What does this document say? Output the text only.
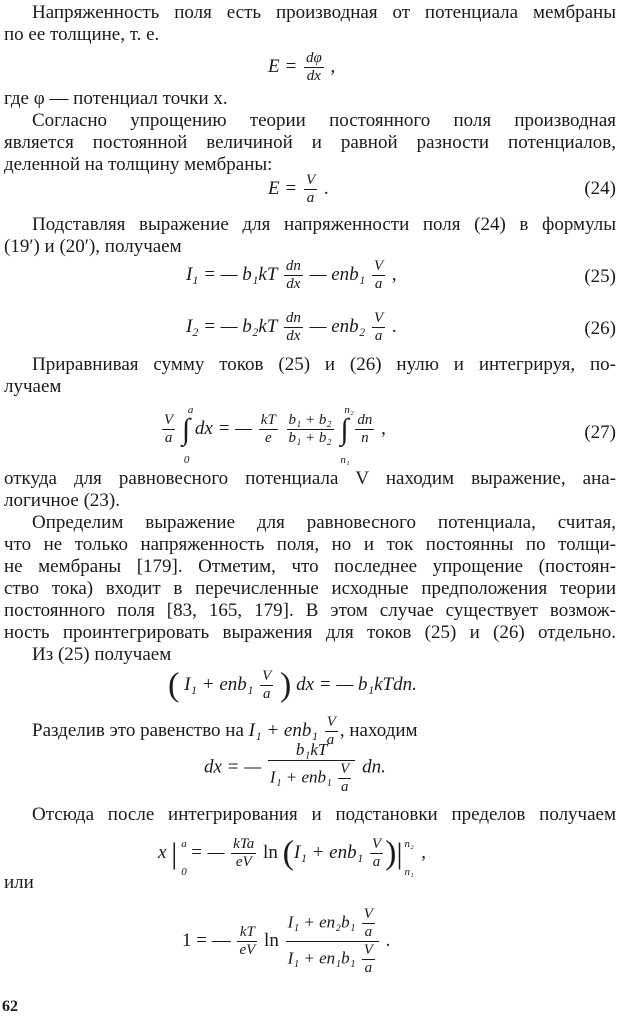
Напряженность поля есть производная от потенциала мембраны
по ее толщине, т. е.
$E = \frac{d\varphi}{dx}$ ,
где φ — потенциал точки x.
Согласно упрощению теории постоянного поля производная
является постоянной величиной и равной разности потенциалов,
деленной на толщину мембраны:
$E = \frac{V}{a}$ .	(24)
Подставляя выражение для напряженности поля (24) в формулы
(19′) и (20′), получаем
$I_1$ = — $b_1kT \frac{dn}{dx}$ — $enb_1 \frac{V}{a}$ ,	(25)
$I_2$ = — $b_2kT \frac{dn}{dx}$ — $enb_2 \frac{V}{a}$ .	(26)
Приравнивая сумму токов (25) и (26) нулю и интегрируя, по-
лучаем
$\frac{V}{a}$ ∫
a
0
dx = — $\frac{kT}{e}$
$\frac{\text{b₁ + b₂}}{\text{b₁ + b₂}}$ ∫
n₂
n₁

$\frac{dn}{n}$ ,	(27)
откуда для равновесного потенциала V находим выражение, ана-
логичное (23).
Определим выражение для равновесного потенциала, считая,
что не только напряженность поля, но и ток постоянны по толщи-
не мембраны [179]. Отметим, что последнее упрощение (постоян-
ство тока) входит в перечисленные исходные предположения теории
постоянного поля [83, 165, 179]. В этом случае существует возмож-
ность проинтегрировать выражения для токов (25) и (26) отдельно.
Из (25) получаем
( $I_1 + enb_1 \frac{V}{a}$ ) dx = — b₁kTdn.
Разделив это равенство на $I_1 + enb_1 \frac{V}{a}$ , находим
dx = — $\frac{\text{b₁kT}}{I_1 + enb_1 \frac{V}{a}}$ dn.
Отсюда после интегрирования и подстановки пределов получаем
x | a
0
= — $\frac{\text{kTa}}{eV}$ $\ln (I_1 + enb_1 \frac{V}{a}$ )| n₂
n₁
,
или
1 = — $\frac{kT}{eV}$ $\ln \frac{I_1 + en_2b_1 \frac{V}{a}}{I_1 + en_1b_1 \frac{V}{a}}$ .
62
